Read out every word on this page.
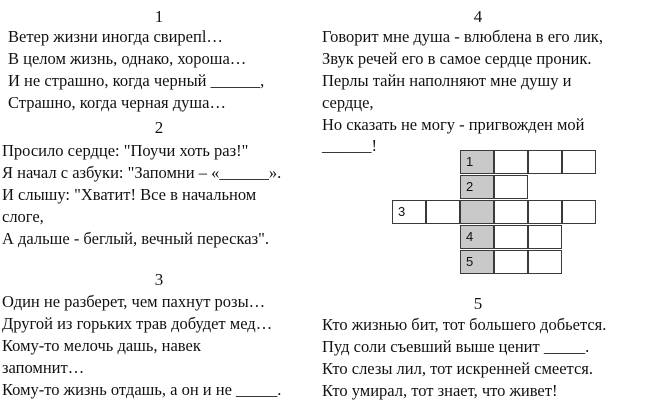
1
Ветер жизни иногда свирепl…
В целом жизнь, однако, хороша…
И не страшно, когда черный ______,
Страшно, когда черная душа…
2
Просило сердце: "Поучи хоть раз!"
Я начал с азбуки: "Запомни – «______».
И слышу: "Хватит! Все в начальном
слоге,
А дальше - беглый, вечный пересказ".
3
Один не разберет, чем пахнут розы…
Другой из горьких трав добудет мед…
Кому-то мелочь дашь, навек
запомнит…
Кому-то жизнь отдашь, а он и не _____.
4
Говорит мне душа - влюблена в его лик,
Звук речей его в самое сердце проник.
Перлы тайн наполняют мне душу и
сердце,
Но сказать не могу - пригвожден мой
______!
1
2
3
4
5
5
Кто жизнью бит, тот большего добьется.
Пуд соли съевший выше ценит _____.
Кто слезы лил, тот искренней смеется.
Кто умирал, тот знает, что живет!
